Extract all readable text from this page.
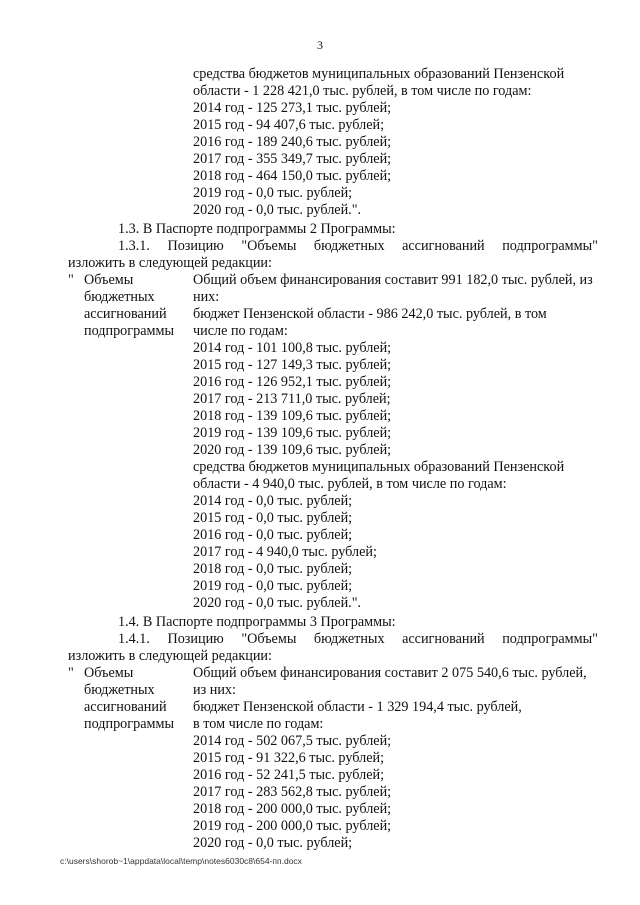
3
средства бюджетов муниципальных образований Пензенской
области - 1 228 421,0 тыс. рублей, в том числе по годам:
2014 год - 125 273,1 тыс. рублей;
2015 год - 94 407,6 тыс. рублей;
2016 год - 189 240,6 тыс. рублей;
2017 год - 355 349,7 тыс. рублей;
2018 год - 464 150,0 тыс. рублей;
2019 год - 0,0 тыс. рублей;
2020 год - 0,0 тыс. рублей.".
1.3. В Паспорте подпрограммы 2 Программы:
1.3.1. Позицию "Объемы бюджетных ассигнований подпрограммы"
изложить в следующей редакции:
" Объемы
бюджетных
ассигнований
подпрограммы
Общий объем финансирования составит 991 182,0 тыс. рублей, из
них:
бюджет Пензенской области - 986 242,0 тыс. рублей, в том
числе по годам:
2014 год - 101 100,8 тыс. рублей;
2015 год - 127 149,3 тыс. рублей;
2016 год - 126 952,1 тыс. рублей;
2017 год - 213 711,0 тыс. рублей;
2018 год - 139 109,6 тыс. рублей;
2019 год - 139 109,6 тыс. рублей;
2020 год - 139 109,6 тыс. рублей;
средства бюджетов муниципальных образований Пензенской
области - 4 940,0 тыс. рублей, в том числе по годам:
2014 год - 0,0 тыс. рублей;
2015 год - 0,0 тыс. рублей;
2016 год - 0,0 тыс. рублей;
2017 год - 4 940,0 тыс. рублей;
2018 год - 0,0 тыс. рублей;
2019 год - 0,0 тыс. рублей;
2020 год - 0,0 тыс. рублей.".
1.4. В Паспорте подпрограммы 3 Программы:
1.4.1. Позицию "Объемы бюджетных ассигнований подпрограммы"
изложить в следующей редакции:
" Объемы
бюджетных
ассигнований
подпрограммы
Общий объем финансирования составит 2 075 540,6 тыс. рублей,
из них:
бюджет Пензенской области - 1 329 194,4 тыс. рублей,
в том числе по годам:
2014 год - 502 067,5 тыс. рублей;
2015 год - 91 322,6 тыс. рублей;
2016 год - 52 241,5 тыс. рублей;
2017 год - 283 562,8 тыс. рублей;
2018 год - 200 000,0 тыс. рублей;
2019 год - 200 000,0 тыс. рублей;
2020 год - 0,0 тыс. рублей;
c:\users\shorob~1\appdata\local\temp\notes6030c8\654-пп.docx
